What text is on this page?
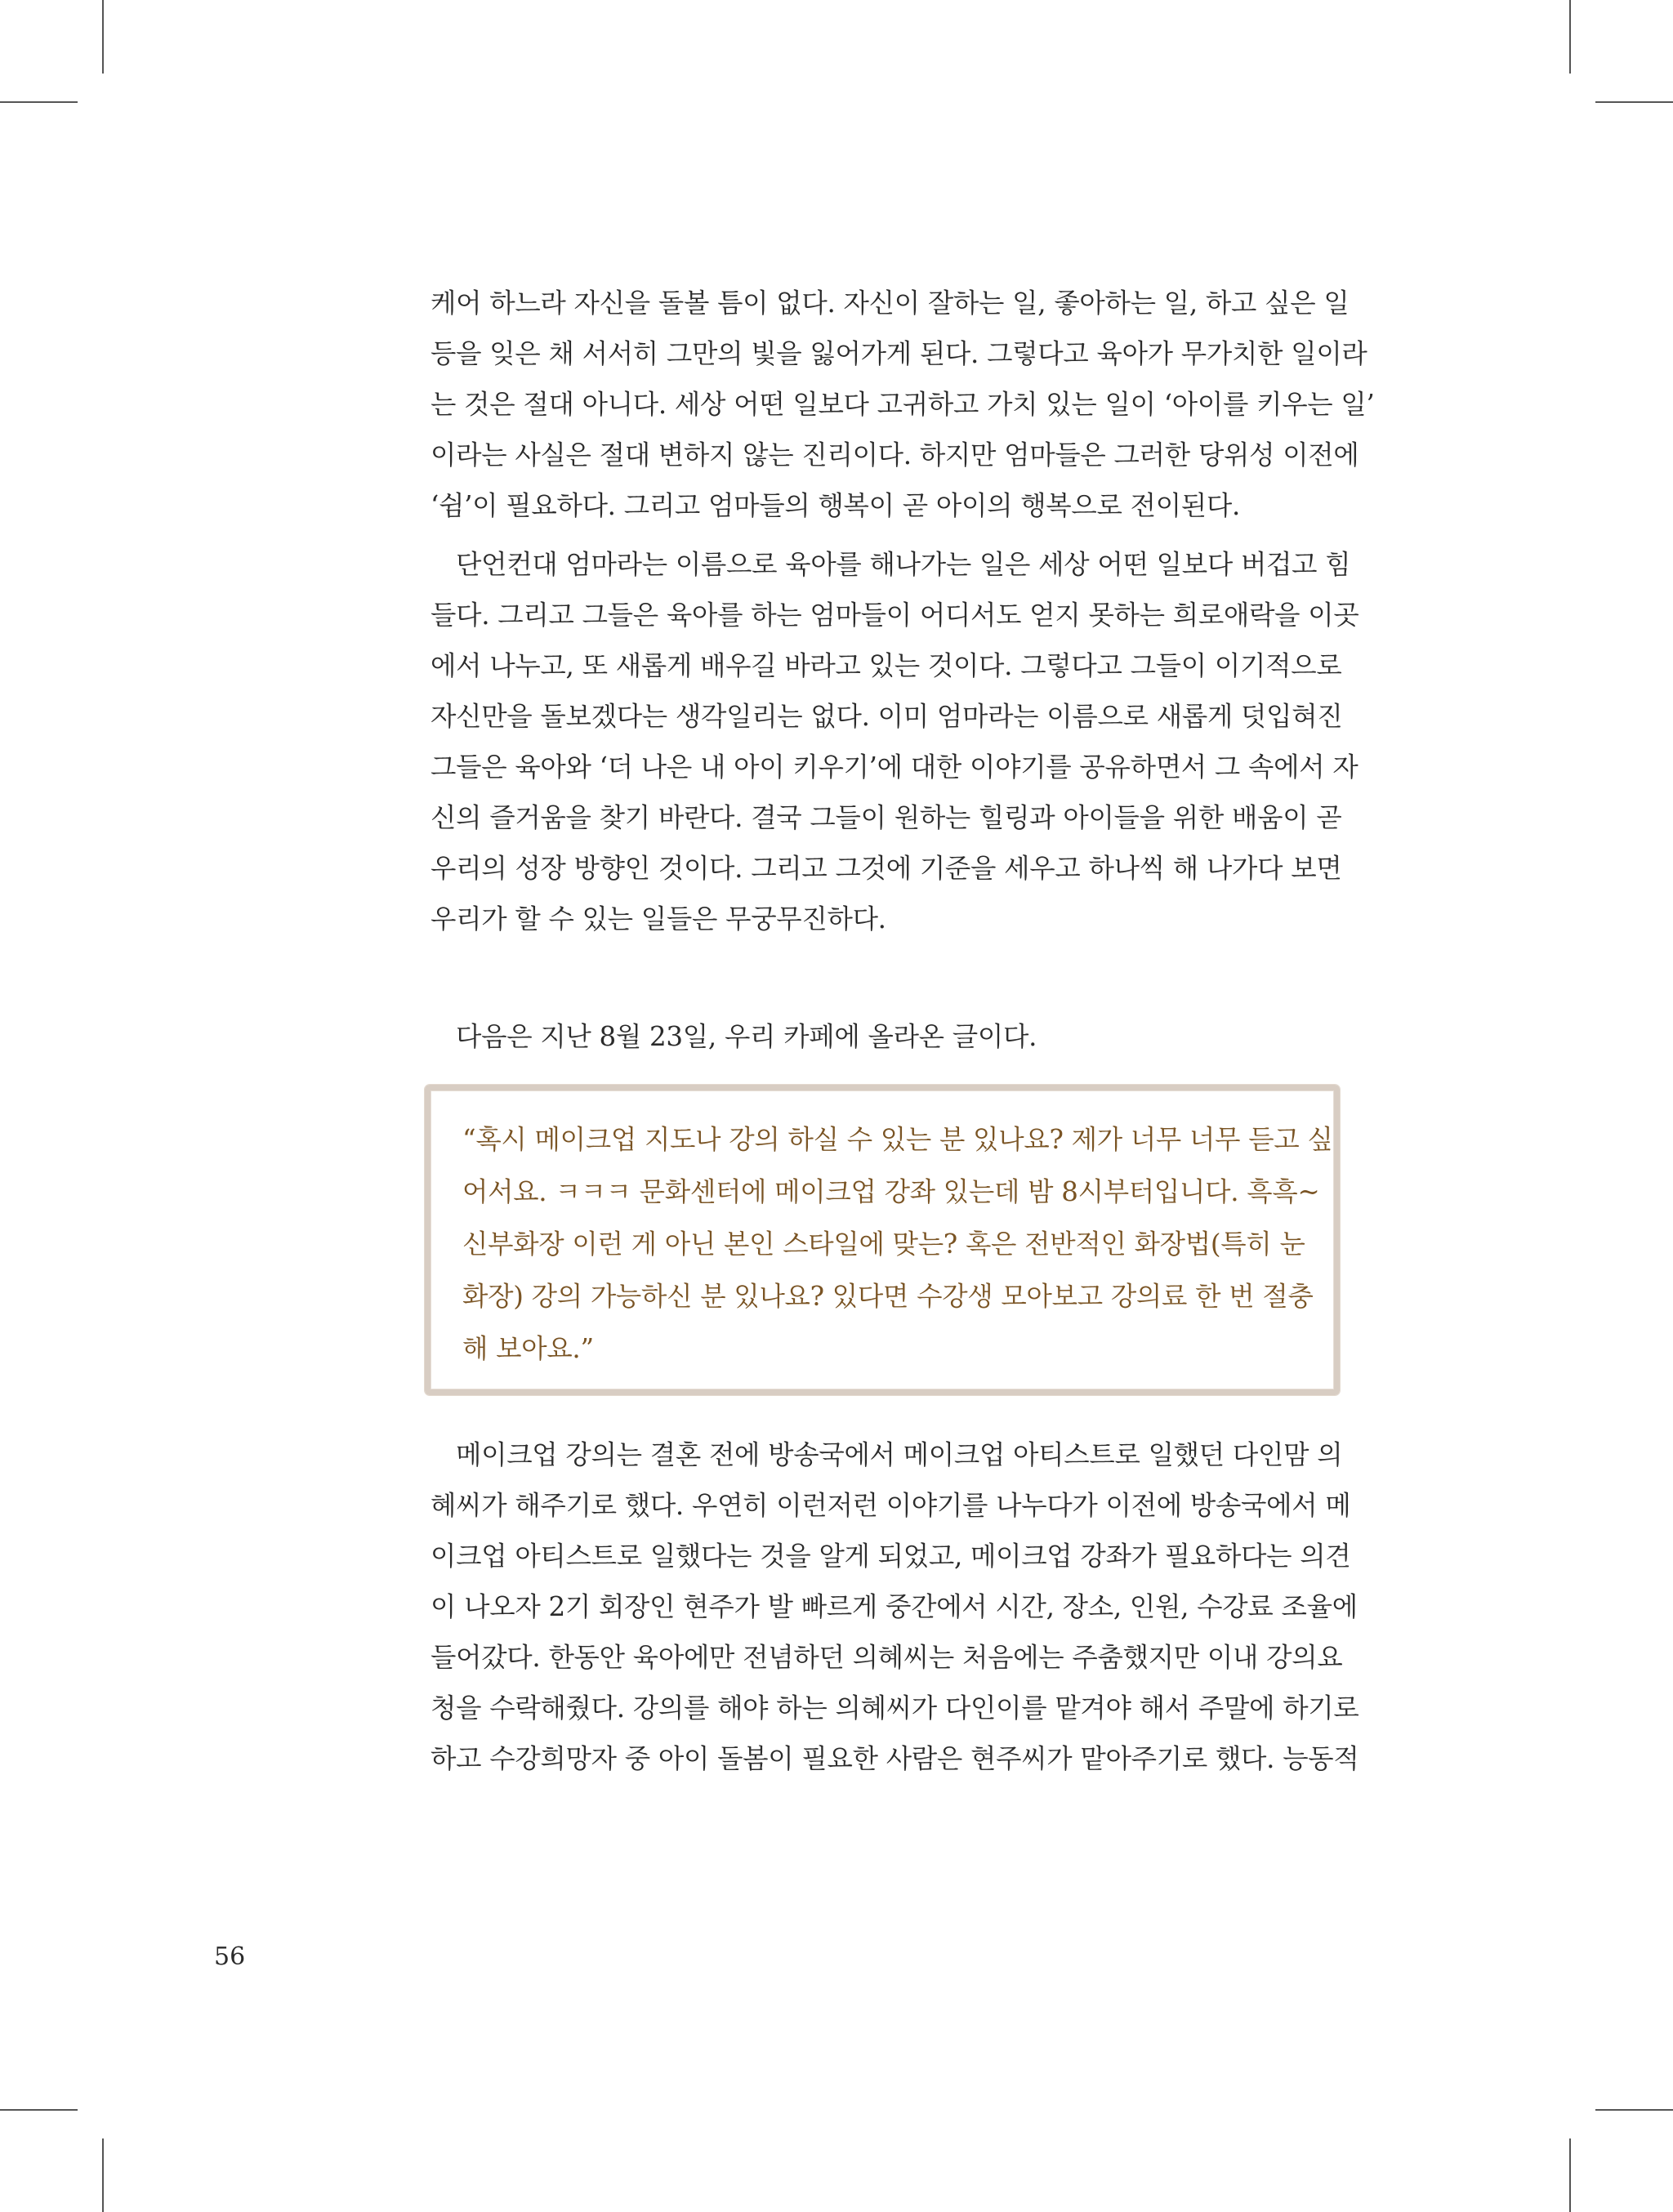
케어 하느라 자신을 돌볼 틈이 없다. 자신이 잘하는 일, 좋아하는 일, 하고 싶은 일
등을 잊은 채 서서히 그만의 빛을 잃어가게 된다. 그렇다고 육아가 무가치한 일이라
는 것은 절대 아니다. 세상 어떤 일보다 고귀하고 가치 있는 일이 ‘아이를 키우는 일’
이라는 사실은 절대 변하지 않는 진리이다. 하지만 엄마들은 그러한 당위성 이전에
‘쉼’이 필요하다. 그리고 엄마들의 행복이 곧 아이의 행복으로 전이된다.
단언컨대 엄마라는 이름으로 육아를 해나가는 일은 세상 어떤 일보다 버겁고 힘
들다. 그리고 그들은 육아를 하는 엄마들이 어디서도 얻지 못하는 희로애락을 이곳
에서 나누고, 또 새롭게 배우길 바라고 있는 것이다. 그렇다고 그들이 이기적으로
자신만을 돌보겠다는 생각일리는 없다. 이미 엄마라는 이름으로 새롭게 덧입혀진
그들은 육아와 ‘더 나은 내 아이 키우기’에 대한 이야기를 공유하면서 그 속에서 자
신의 즐거움을 찾기 바란다. 결국 그들이 원하는 힐링과 아이들을 위한 배움이 곧
우리의 성장 방향인 것이다. 그리고 그것에 기준을 세우고 하나씩 해 나가다 보면
우리가 할 수 있는 일들은 무궁무진하다.
다음은 지난 8월 23일, 우리 카페에 올라온 글이다.
“혹시 메이크업 지도나 강의 하실 수 있는 분 있나요? 제가 너무 너무 듣고 싶
어서요. ㅋㅋㅋ 문화센터에 메이크업 강좌 있는데 밤 8시부터입니다. 흑흑~
신부화장 이런 게 아닌 본인 스타일에 맞는? 혹은 전반적인 화장법(특히 눈
화장) 강의 가능하신 분 있나요? 있다면 수강생 모아보고 강의료 한 번 절충
해 보아요.”
메이크업 강의는 결혼 전에 방송국에서 메이크업 아티스트로 일했던 다인맘 의
혜씨가 해주기로 했다. 우연히 이런저런 이야기를 나누다가 이전에 방송국에서 메
이크업 아티스트로 일했다는 것을 알게 되었고, 메이크업 강좌가 필요하다는 의견
이 나오자 2기 회장인 현주가 발 빠르게 중간에서 시간, 장소, 인원, 수강료 조율에
들어갔다. 한동안 육아에만 전념하던 의혜씨는 처음에는 주춤했지만 이내 강의요
청을 수락해줬다. 강의를 해야 하는 의혜씨가 다인이를 맡겨야 해서 주말에 하기로
하고 수강희망자 중 아이 돌봄이 필요한 사람은 현주씨가 맡아주기로 했다. 능동적
56
